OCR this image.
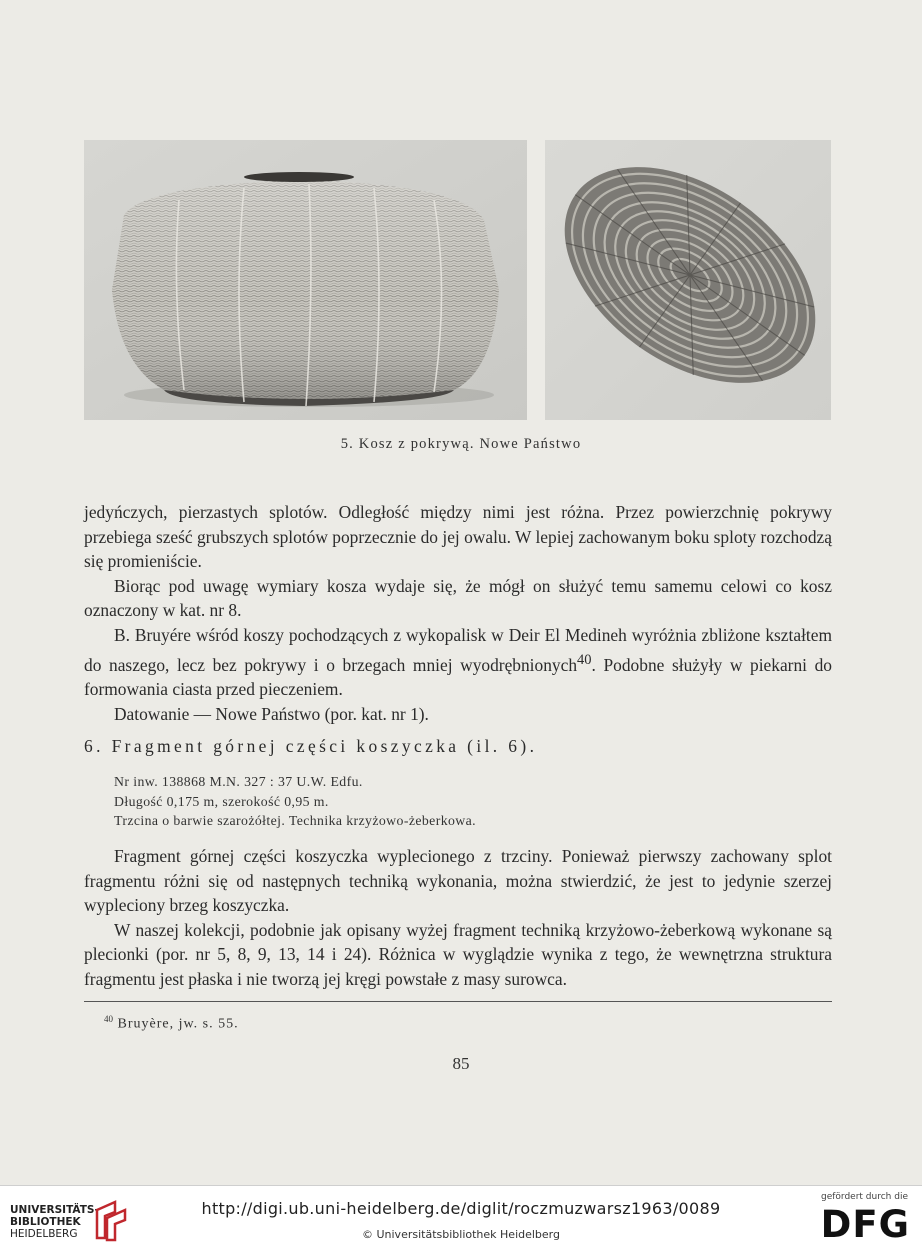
5. Kosz z pokrywą. Nowe Państwo

jedyńczych, pierzastych splotów. Odległość między nimi jest różna. Przez powierzchnię pokrywy przebiega sześć grubszych splotów poprzecznie do jej owalu. W lepiej zachowanym boku sploty rozchodzą się promieniście.

Biorąc pod uwagę wymiary kosza wydaje się, że mógł on służyć temu samemu celowi co kosz oznaczony w kat. nr 8.

B. Bruyére wśród koszy pochodzących z wykopalisk w Deir El Medineh wyróżnia zbliżone kształtem do naszego, lecz bez pokrywy i o brzegach mniej wyodrębnionych$^{40}$. Podobne służyły w piekarni do formowania ciasta przed pieczeniem.

Datowanie — Nowe Państwo (por. kat. nr 1).

6. Fragment górnej części koszyczka (il. 6).
Nr inw. 138868 M.N. 327 : 37 U.W. Edfu.
Długość 0,175 m, szerokość 0,95 m.
Trzcina o barwie szarożółtej. Technika krzyżowo-żeberkowa.

Fragment górnej części koszyczka wyplecionego z trzciny. Ponieważ pierwszy zachowany splot fragmentu różni się od następnych techniką wykonania, można stwierdzić, że jest to jedynie szerzej wypleciony brzeg koszyczka.

W naszej kolekcji, podobnie jak opisany wyżej fragment techniką krzyżowo-żeberkową wykonane są plecionki (por. nr 5, 8, 9, 13, 14 i 24). Różnica w wyglądzie wynika z tego, że wewnętrzna struktura fragmentu jest płaska i nie tworzą jej kręgi powstałe z masy surowca.

$^{40}$ Bruyère, jw. s. 55.
85
UNIVERSITÄTS-
BIBLIOTHEK
HEIDELBERG
http://digi.ub.uni-heidelberg.de/diglit/roczmuzwarsz1963/0089
© Universitätsbibliothek Heidelberg
gefördert durch die
DFG
